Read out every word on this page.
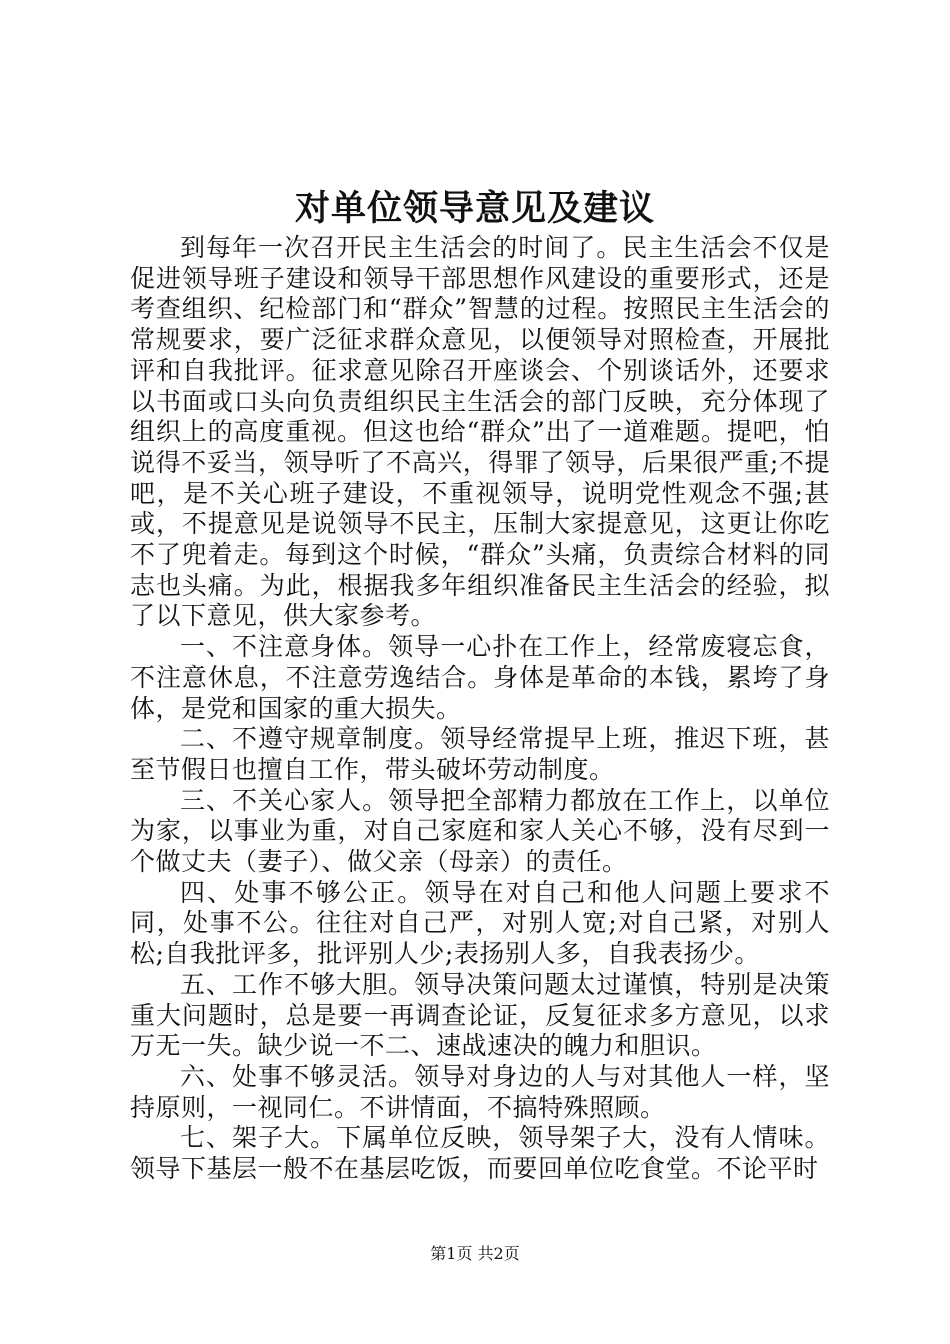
对单位领导意见及建议

到每年一次召开民主生活会的时间了。民主生活会不仅是促进领导班子建设和领导干部思想作风建设的重要形式，还是考查组织、纪检部门和“群众”智慧的过程。按照民主生活会的常规要求，要广泛征求群众意见，以便领导对照检查，开展批评和自我批评。征求意见除召开座谈会、个别谈话外，还要求以书面或口头向负责组织民主生活会的部门反映，充分体现了组织上的高度重视。但这也给“群众”出了一道难题。提吧，怕说得不妥当，领导听了不高兴，得罪了领导，后果很严重;不提吧，是不关心班子建设，不重视领导，说明党性观念不强;甚或，不提意见是说领导不民主，压制大家提意见，这更让你吃不了兜着走。每到这个时候，“群众”头痛，负责综合材料的同志也头痛。为此，根据我多年组织准备民主生活会的经验，拟了以下意见，供大家参考。

一、不注意身体。领导一心扑在工作上，经常废寝忘食，不注意休息，不注意劳逸结合。身体是革命的本钱，累垮了身体，是党和国家的重大损失。

二、不遵守规章制度。领导经常提早上班，推迟下班，甚至节假日也擅自工作，带头破坏劳动制度。

三、不关心家人。领导把全部精力都放在工作上，以单位为家，以事业为重，对自己家庭和家人关心不够，没有尽到一个做丈夫（妻子）、做父亲（母亲）的责任。

四、处事不够公正。领导在对自己和他人问题上要求不同，处事不公。往往对自己严，对别人宽;对自己紧，对别人松;自我批评多，批评别人少;表扬别人多，自我表扬少。

五、工作不够大胆。领导决策问题太过谨慎，特别是决策重大问题时，总是要一再调查论证，反复征求多方意见，以求万无一失。缺少说一不二、速战速决的魄力和胆识。

六、处事不够灵活。领导对身边的人与对其他人一样，坚持原则，一视同仁。不讲情面，不搞特殊照顾。

七、架子大。下属单位反映，领导架子大，没有人情味。领导下基层一般不在基层吃饭，而要回单位吃食堂。不论平时

第1页 共2页
